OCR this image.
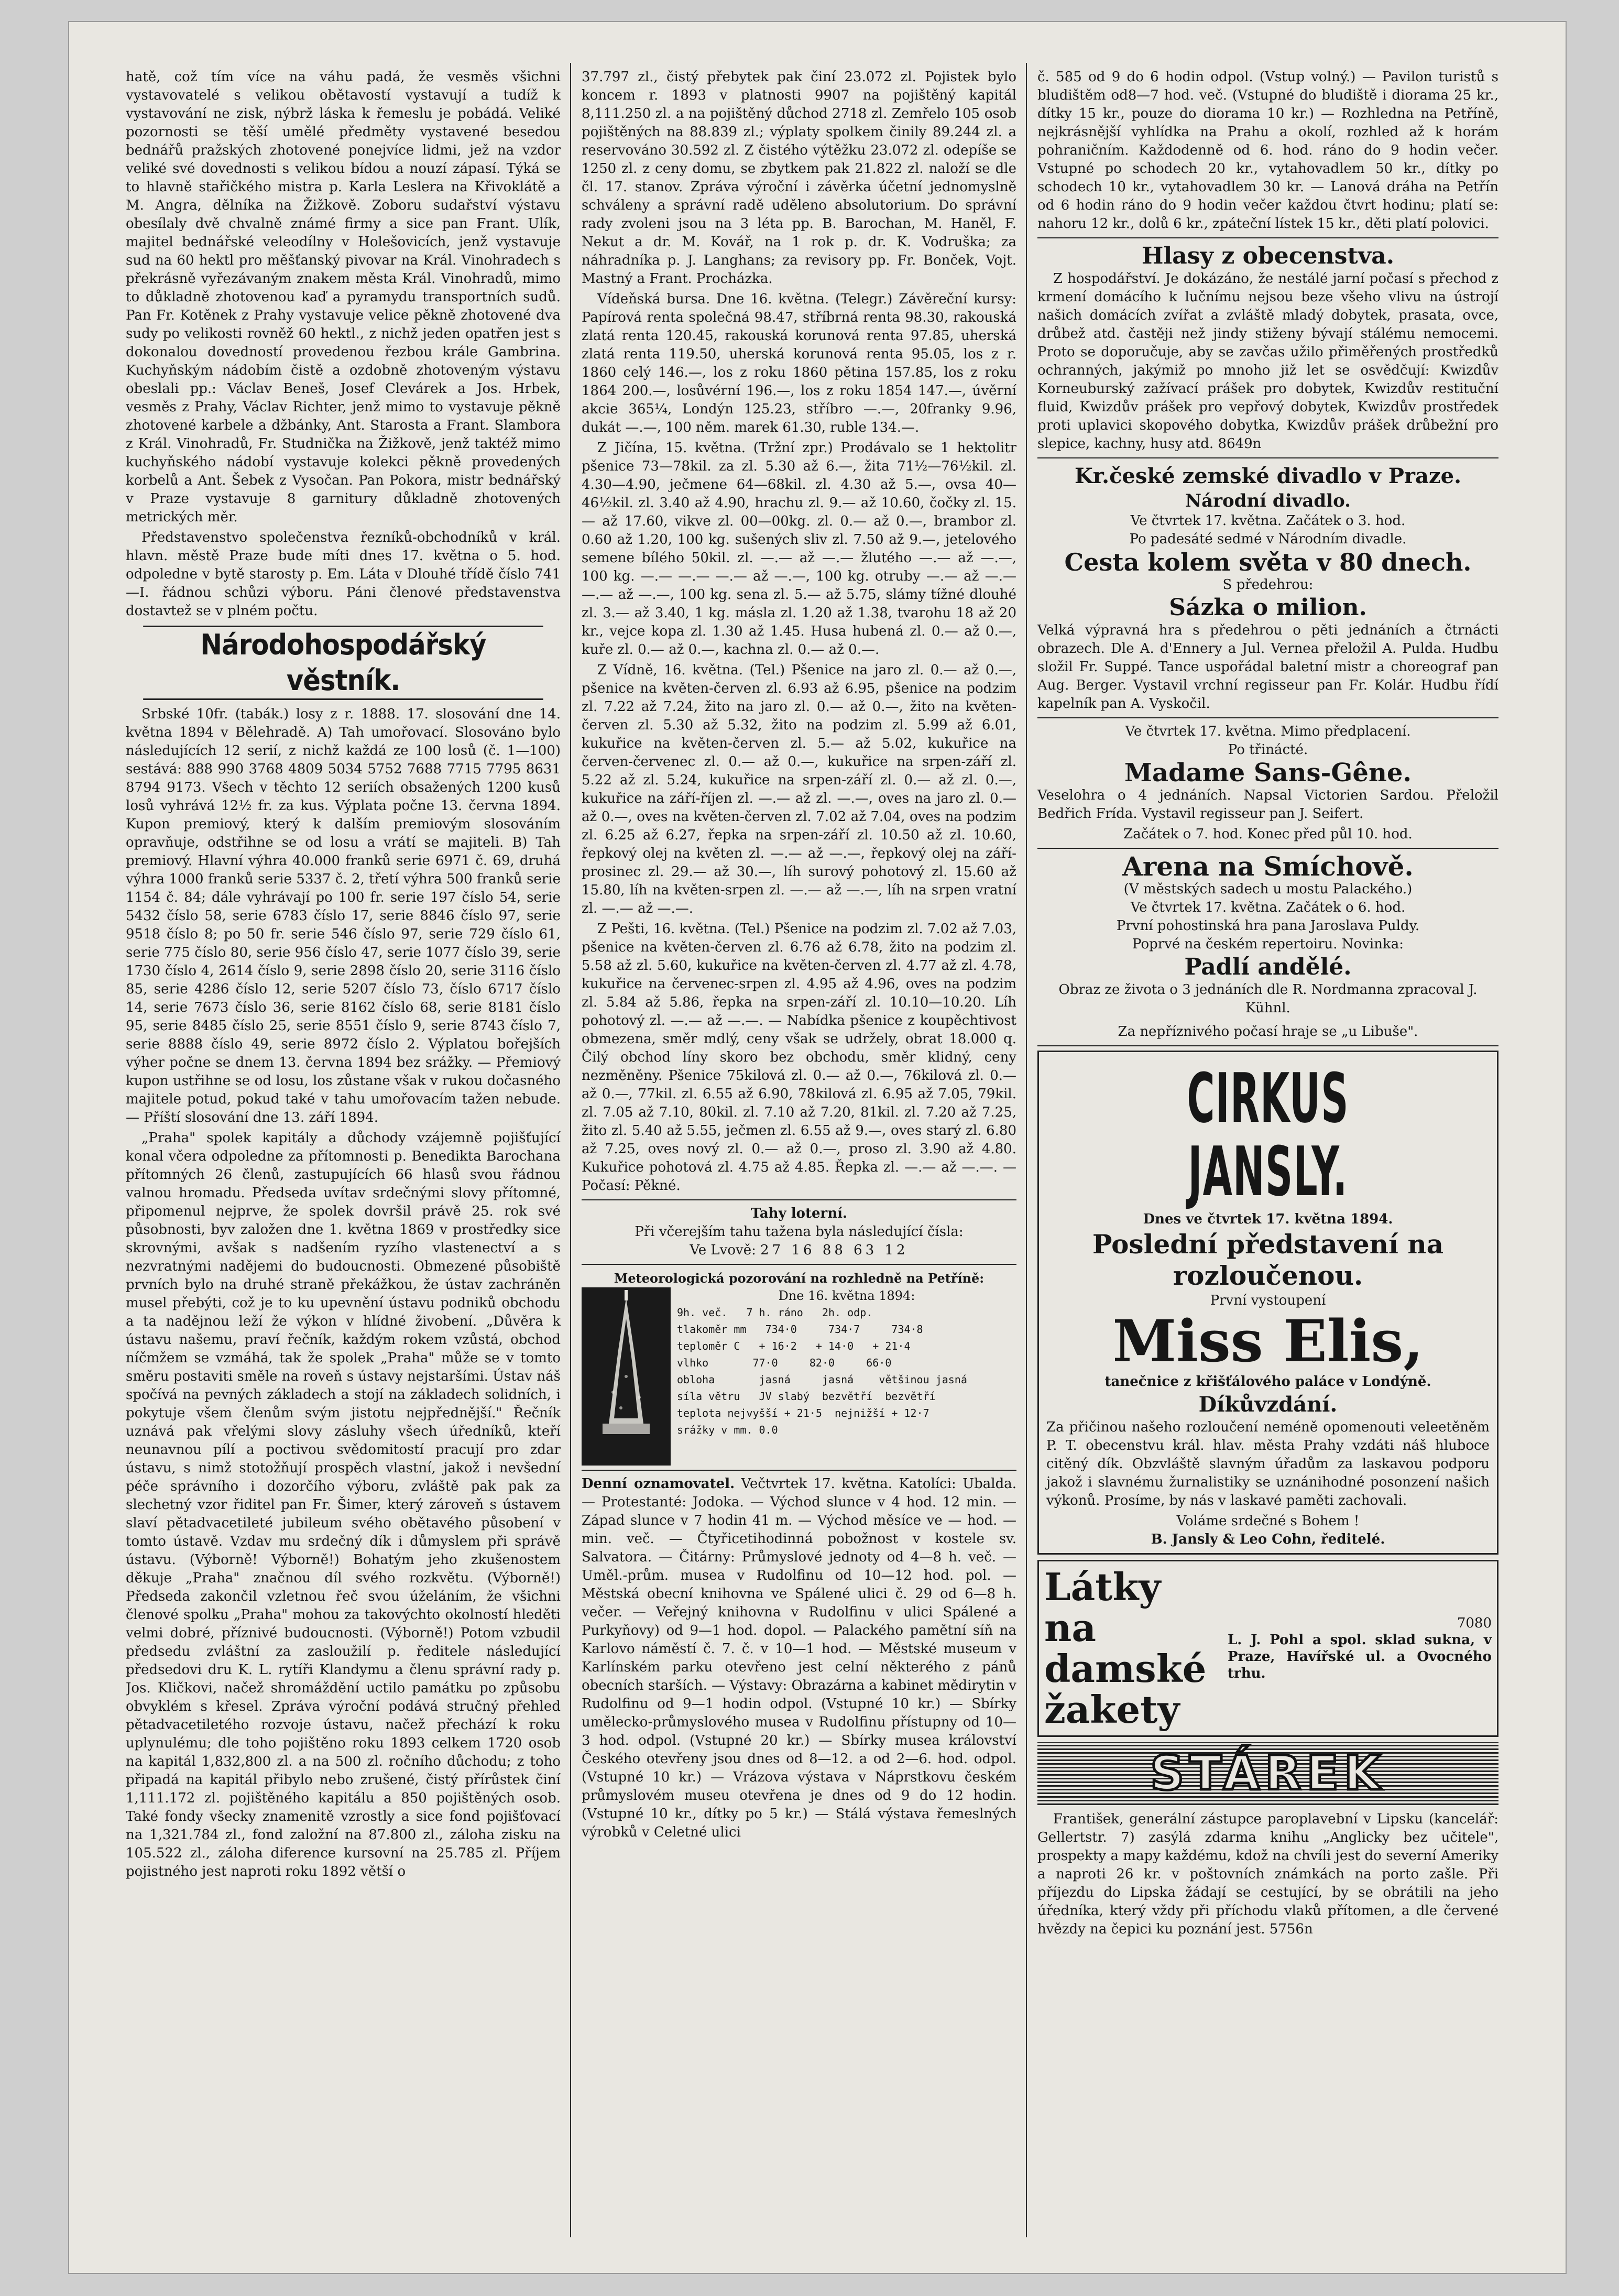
hatě, což tím více na váhu padá, že vesměs všichni vystavovatelé s velikou obětavostí vystavují a tudíž k vystavování ne zisk, nýbrž láska k řemeslu je pobádá. Veliké pozornosti se těší umělé předměty vystavené besedou bednářů pražských zhotovené ponejvíce lidmi, jež na vzdor veliké své dovednosti s velikou bídou a nouzí zápasí. Týká se to hlavně stařičkého mistra p. Karla Leslera na Křivoklátě a M. Angra, dělníka na Žižkově. Zoboru sudařství výstavu obesílaly dvě chvalně známé firmy a sice pan Frant. Ulík, majitel bednářské veleodílny v Holešovicích, jenž vystavuje sud na 60 hektl pro měšťanský pivovar na Král. Vinohradech s překrásně vyřezávaným znakem města Král. Vinohradů, mimo to důkladně zhotovenou kaď a pyramydu transportních sudů. Pan Fr. Kotěnek z Prahy vystavuje velice pěkně zhotovené dva sudy po velikosti rovněž 60 hektl., z nichž jeden opatřen jest s dokonalou dovedností provedenou řezbou krále Gambrina. Kuchyňským nádobím čistě a ozdobně zhotoveným výstavu obeslali pp.: Václav Beneš, Josef Clevárek a Jos. Hrbek, vesměs z Prahy, Václav Richter, jenž mimo to vystavuje pěkně zhotovené karbele a džbánky, Ant. Starosta a Frant. Slambora z Král. Vinohradů, Fr. Studnička na Žižkově, jenž taktéž mimo kuchyňského nádobí vystavuje kolekci pěkně provedených korbelů a Ant. Šebek z Vysočan. Pan Pokora, mistr bednářský v Praze vystavuje 8 garnitury důkladně zhotovených metrických měr.

Představenstvo společenstva řezníků-obchodníků v král. hlavn. městě Praze bude míti dnes 17. května o 5. hod. odpoledne v bytě starosty p. Em. Láta v Dlouhé třídě číslo 741—I. řádnou schůzi výboru. Páni členové představenstva dostavtež se v plném počtu.

Národohospodářský věstník.

Srbské 10fr. (tabák.) losy z r. 1888. 17. slosování dne 14. května 1894 v Bělehradě. A) Tah umořovací. Slosováno bylo následujících 12 serií, z nichž každá ze 100 losů (č. 1—100) sestává: 888 990 3768 4809 5034 5752 7688 7715 7795 8631 8794 9173. Všech v těchto 12 seriích obsažených 1200 kusů losů vyhrává 12½ fr. za kus. Výplata počne 13. června 1894. Kupon premiový, který k dalším premiovým slosováním opravňuje, odstřihne se od losu a vrátí se majiteli. B) Tah premiový. Hlavní výhra 40.000 franků serie 6971 č. 69, druhá výhra 1000 franků serie 5337 č. 2, třetí výhra 500 franků serie 1154 č. 84; dále vyhrávají po 100 fr. serie 197 číslo 54, serie 5432 číslo 58, serie 6783 číslo 17, serie 8846 číslo 97, serie 9518 číslo 8; po 50 fr. serie 546 číslo 97, serie 729 číslo 61, serie 775 číslo 80, serie 956 číslo 47, serie 1077 číslo 39, serie 1730 číslo 4, 2614 číslo 9, serie 2898 číslo 20, serie 3116 číslo 85, serie 4286 číslo 12, serie 5207 číslo 73, číslo 6717 číslo 14, serie 7673 číslo 36, serie 8162 číslo 68, serie 8181 číslo 95, serie 8485 číslo 25, serie 8551 číslo 9, serie 8743 číslo 7, serie 8888 číslo 49, serie 8972 číslo 2. Výplatou bořejších výher počne se dnem 13. června 1894 bez srážky. — Přemiový kupon ustřihne se od losu, los zůstane však v rukou dočasného majitele potud, pokud také v tahu umořovacím tažen nebude. — Příští slosování dne 13. září 1894.

„Praha" spolek kapitály a důchody vzájemně pojišťující konal včera odpoledne za přítomnosti p. Benedikta Barochana přítomných 26 členů, zastupujících 66 hlasů svou řádnou valnou hromadu. Předseda uvítav srdečnými slovy přítomné, připomenul nejprve, že spolek dovršil právě 25. rok své působnosti, byv založen dne 1. května 1869 v prostředky sice skrovnými, avšak s nadšením ryzího vlastenectví a s nezvratnými nadějemi do budoucnosti. Obmezené působiště prvních bylo na druhé straně překážkou, že ústav zachráněn musel přebýti, což je to ku upevnění ústavu podniků obchodu a ta nadějnou leží že výkon v hlídné živobení. „Důvěra k ústavu našemu, praví řečník, každým rokem vzůstá, obchod níčmžem se vzmáhá, tak že spolek „Praha" může se v tomto směru postaviti směle na roveň s ústavy nejstaršími. Ústav náš spočívá na pevných základech a stojí na základech solidních, i pokytuje všem členům svým jistotu nejpřednější." Řečník uznává pak vřelými slovy zásluhy všech úředníků, kteří neunavnou pílí a poctivou svědomitostí pracují pro zdar ústavu, s nimž stotožňují prospěch vlastní, jakož i nevšední péče správního i dozorčího výboru, zvláště pak pak za slechetný vzor řiditel pan Fr. Šimer, který zároveň s ústavem slaví pětadvacetileté jubileum svého obětavého působení v tomto ústavě. Vzdav mu srdečný dík i důmyslem při správě ústavu. (Výborně! Výborně!) Bohatým jeho zkušenostem děkuje „Praha" značnou díl svého rozkvětu. (Výborně!) Předseda zakončil vzletnou řeč svou úželáním, že všichni členové spolku „Praha" mohou za takovýchto okolností hleděti velmi dobré, příznivé budoucnosti. (Výborně!) Potom vzbudil předsedu zvláštní za zasloužilí p. ředitele následující předsedovi dru K. L. rytíři Klandymu a členu správní rady p. Jos. Kličkovi, načež shromáždění uctilo památku po způsobu obvyklém s křesel. Zpráva výroční podává stručný přehled pětadvacetiletého rozvoje ústavu, načež přechází k roku uplynulému; dle toho pojištěno roku 1893 celkem 1720 osob na kapitál 1,832,800 zl. a na 500 zl. ročního důchodu; z toho připadá na kapitál přibylo nebo zrušené, čistý přírůstek činí 1,111.172 zl. pojištěného kapitálu a 850 pojištěných osob. Také fondy všecky znamenitě vzrostly a sice fond pojišťovací na 1,321.784 zl., fond založní na 87.800 zl., záloha zisku na 105.522 zl., záloha diference kursovní na 25.785 zl. Příjem pojistného jest naproti roku 1892 větší o

37.797 zl., čistý přebytek pak činí 23.072 zl. Pojistek bylo koncem r. 1893 v platnosti 9907 na pojištěný kapitál 8,111.250 zl. a na pojištěný důchod 2718 zl. Zemřelo 105 osob pojištěných na 88.839 zl.; výplaty spolkem činily 89.244 zl. a reservováno 30.592 zl. Z čistého výtěžku 23.072 zl. odepíše se 1250 zl. z ceny domu, se zbytkem pak 21.822 zl. naloží se dle čl. 17. stanov. Zpráva výroční i závěrka účetní jednomyslně schváleny a správní radě uděleno absolutorium. Do správní rady zvoleni jsou na 3 léta pp. B. Barochan, M. Haněl, F. Nekut a dr. M. Kovář, na 1 rok p. dr. K. Vodruška; za náhradníka p. J. Langhans; za revisory pp. Fr. Bonček, Vojt. Mastný a Frant. Procházka.

Vídeňská bursa. Dne 16. května. (Telegr.) Závěreční kursy: Papírová renta společná 98.47, stříbrná renta 98.30, rakouská zlatá renta 120.45, rakouská korunová renta 97.85, uherská zlatá renta 119.50, uherská korunová renta 95.05, los z r. 1860 celý 146.—, los z roku 1860 pětina 157.85, los z roku 1864 200.—, losůvérní 196.—, los z roku 1854 147.—, úvěrní akcie 365¼, Londýn 125.23, stříbro —.—, 20franky 9.96, dukát —.—, 100 něm. marek 61.30, ruble 134.—.

Z Jičína, 15. května. (Tržní zpr.) Prodávalo se 1 hektolitr pšenice 73—78kil. za zl. 5.30 až 6.—, žita 71½—76½kil. zl. 4.30—4.90, ječmene 64—68kil. zl. 4.30 až 5.—, ovsa 40—46½kil. zl. 3.40 až 4.90, hrachu zl. 9.— až 10.60, čočky zl. 15.— až 17.60, vikve zl. 00—00kg. zl. 0.— až 0.—, brambor zl. 0.60 až 1.20, 100 kg. sušených sliv zl. 7.50 až 9.—, jetelového semene bílého 50kil. zl. —.— až —.— žlutého —.— až —.—, 100 kg. —.— —.— —.— až —.—, 100 kg. otruby —.— až —.— —.— až —.—, 100 kg. sena zl. 5.— až 5.75, slámy tížné dlouhé zl. 3.— až 3.40, 1 kg. másla zl. 1.20 až 1.38, tvarohu 18 až 20 kr., vejce kopa zl. 1.30 až 1.45. Husa hubená zl. 0.— až 0.—, kuře zl. 0.— až 0.—, kachna zl. 0.— až 0.—.

Z Vídně, 16. května. (Tel.) Pšenice na jaro zl. 0.— až 0.—, pšenice na květen-červen zl. 6.93 až 6.95, pšenice na podzim zl. 7.22 až 7.24, žito na jaro zl. 0.— až 0.—, žito na květen-červen zl. 5.30 až 5.32, žito na podzim zl. 5.99 až 6.01, kukuřice na květen-červen zl. 5.— až 5.02, kukuřice na červen-červenec zl. 0.— až 0.—, kukuřice na srpen-září zl. 5.22 až zl. 5.24, kukuřice na srpen-září zl. 0.— až zl. 0.—, kukuřice na září-říjen zl. —.— až zl. —.—, oves na jaro zl. 0.— až 0.—, oves na květen-červen zl. 7.02 až 7.04, oves na podzim zl. 6.25 až 6.27, řepka na srpen-září zl. 10.50 až zl. 10.60, řepkový olej na květen zl. —.— až —.—, řepkový olej na září-prosinec zl. 29.— až 30.—, líh surový pohotový zl. 15.60 až 15.80, líh na květen-srpen zl. —.— až —.—, líh na srpen vratní zl. —.— až —.—.

Z Pešti, 16. května. (Tel.) Pšenice na podzim zl. 7.02 až 7.03, pšenice na květen-červen zl. 6.76 až 6.78, žito na podzim zl. 5.58 až zl. 5.60, kukuřice na květen-červen zl. 4.77 až zl. 4.78, kukuřice na červenec-srpen zl. 4.95 až 4.96, oves na podzim zl. 5.84 až 5.86, řepka na srpen-září zl. 10.10—10.20. Líh pohotový zl. —.— až —.—. — Nabídka pšenice z koupěchtivost obmezena, směr mdlý, ceny však se udržely, obrat 18.000 q. Čilý obchod líny skoro bez obchodu, směr klidný, ceny nezměněny. Pšenice 75kilová zl. 0.— až 0.—, 76kilová zl. 0.— až 0.—, 77kil. zl. 6.55 až 6.90, 78kilová zl. 6.95 až 7.05, 79kil. zl. 7.05 až 7.10, 80kil. zl. 7.10 až 7.20, 81kil. zl. 7.20 až 7.25, žito zl. 5.40 až 5.55, ječmen zl. 6.55 až 9.—, oves starý zl. 6.80 až 7.25, oves nový zl. 0.— až 0.—, proso zl. 3.90 až 4.80. Kukuřice pohotová zl. 4.75 až 4.85. Řepka zl. —.— až —.—. — Počasí: Pěkné.

Tahy loterní.
Při včerejším tahu taženа byla následující čísla:
Ve Lvově: 27 16 88 63 12
Meteorologická pozorování na rozhledně na Petříně:
Dne 16. května 1894:
9h. več.   7 h. ráno   2h. odp.
tlakoměr mm   734·0     734·7     734·8
teploměr C   + 16·2   + 14·0   + 21·4
vlhko       77·0     82·0     66·0
obloha       jasná     jasná    většinou jasná
síla větru   JV slabý  bezvětří  bezvětří
teplota nejvyšší + 21·5  nejnižší + 12·7
srážky v mm. 0.0

Denní oznamovatel. Večtvrtek 17. května. Katolíci: Ubalda. — Protestanté: Jodoka. — Východ slunce v 4 hod. 12 min. — Západ slunce v 7 hodin 41 m. — Východ měsíce ve — hod. — min. več. — Čtyřicetihodinná pobožnost v kostele sv. Salvatora. — Čitárny: Průmyslové jednoty od 4—8 h. več. — Uměl.-prům. musea v Rudolfinu od 10—12 hod. pol. — Městská obecní knihovna ve Spálené ulici č. 29 od 6—8 h. večer. — Veřejný knihovna v Rudolfinu v ulici Spálené a Purkyňovy) od 9—1 hod. dopol. — Palackého pamětní síň na Karlovo náměstí č. 7. č. v 10—1 hod. — Městské museum v Karlínském parku otevřeno jest celní některého z pánů obecních starších. — Výstavy: Obrazárna a kabinet mědirytin v Rudolfinu od 9—1 hodin odpol. (Vstupné 10 kr.) — Sbírky umělecko-průmyslového musea v Rudolfinu přístupny od 10—3 hod. odpol. (Vstupné 20 kr.) — Sbírky musea království Českého otevřeny jsou dnes od 8—12. a od 2—6. hod. odpol. (Vstupné 10 kr.) — Vrázova výstava v Náprstkovu českém průmyslovém museu otevřena je dnes od 9 do 12 hodin. (Vstupné 10 kr., dítky po 5 kr.) — Stálá výstava řemeslných výrobků v Celetné ulici

č. 585 od 9 do 6 hodin odpol. (Vstup volný.) — Pavilon turistů s bludištěm od8—7 hod. več. (Vstupné do bludiště i diorama 25 kr., dítky 15 kr., pouze do diorama 10 kr.) — Rozhledna na Petříně, nejkrásnější vyhlídka na Prahu a okolí, rozhled až k horám pohraničním. Každodenně od 6. hod. ráno do 9 hodin večer. Vstupné po schodech 20 kr., vytahovadlem 50 kr., dítky po schodech 10 kr., vytahovadlem 30 kr. — Lanová dráha na Petřín od 6 hodin ráno do 9 hodin večer každou čtvrt hodinu; platí se: nahoru 12 kr., dolů 6 kr., zpáteční lístek 15 kr., děti platí polovici.

Hlasy z obecenstva.

Z hospodářství. Je dokázáno, že nestálé jarní počasí s přechod z krmení domácího k lučnímu nejsou beze všeho vlivu na ústrojí našich domácích zvířat a zvláště mladý dobytek, prasata, ovce, drůbež atd. častěji než jindy stiženy bývají stálému nemocemi. Proto se doporučuje, aby se zavčas užilo přiměřených prostředků ochranných, jakýmiž po mnoho již let se osvědčují: Kwizdův Korneuburský zažívací prášek pro dobytek, Kwizdův restituční fluid, Kwizdův prášek pro vepřový dobytek, Kwizdův prostředek proti uplavici skopového dobytka, Kwizdův prášek drůbežní pro slepice, kachny, husy atd. 8649n

Kr.české zemské divadlo v Praze.
Národní divadlo.
Ve čtvrtek 17. května. Začátek o 3. hod.
Po padesáté sedmé v Národním divadle.
Cesta kolem světa v 80 dnech.
S předehrou:
Sázka o milion.

Velká výpravná hra s předehrou o pěti jednáních a čtrnácti obrazech. Dle A. d'Ennery a Jul. Vernea přeložil A. Pulda. Hudbu složil Fr. Suppé. Tance uspořádal baletní mistr a choreograf pan Aug. Berger. Vystavil vrchní regisseur pan Fr. Kolár. Hudbu řídí kapelník pan A. Vyskočil.

Ve čtvrtek 17. května. Mimo předplacení.
Po třinácté.
Madame Sans-Gêne.

Veselohra o 4 jednáních. Napsal Victorien Sardou. Přeložil Bedřich Frída. Vystavil regisseur pan J. Seifert.

Začátek o 7. hod. Konec před půl 10. hod.
Arena na Smíchově.
(V městských sadech u mostu Palackého.)
Ve čtvrtek 17. května. Začátek o 6. hod.
První pohostinská hra pana Jaroslava Puldy.
Poprvé na českém repertoiru. Novinka:
Padlí andělé.
Obraz ze života o 3 jednáních dle R. Nordmanna zpracoval J. Kühnl.
Za nepříznivého počasí hraje se „u Libuše".
CIRKUS JANSLY.
Dnes ve čtvrtek 17. května 1894.
Poslední představení na rozloučenou.
První vystoupení
Miss Elis,
tanečnice z křišťálového paláce v Londýně.
Díkůvzdání.

Za přičinou našeho rozloučení neméně opomenouti veleetěněm P. T. obecenstvu král. hlav. města Prahy vzdáti náš hluboce citěný dík. Obzvláště slavným úřadům za laskavou podporu jakož i slavnému žurnalistiky se uznánihodné posonzení našich výkonů. Prosíme, by nás v laskavé paměti zachovali.

Voláme srdečné s Bohem !
B. Jansly & Leo Cohn, ředitelé.
Látky na damské žakety
7080
L. J. Pohl a spol. sklad sukna, v Praze, Havířské ul. a Ovocného trhu.
STÁREK

František, generální zástupce paroplavební v Lipsku (kancelář: Gellertstr. 7) zasýlá zdarma knihu „Anglicky bez učitele", prospekty a mapy každému, kdož na chvíli jest do severní Ameriky a naproti 26 kr. v poštovních známkách na porto zašle. Při příjezdu do Lipska žádají se cestující, by se obrátili na jeho úředníka, který vždy při příchodu vlaků přítomen, a dle červené hvězdy na čepici ku poznání jest. 5756n
